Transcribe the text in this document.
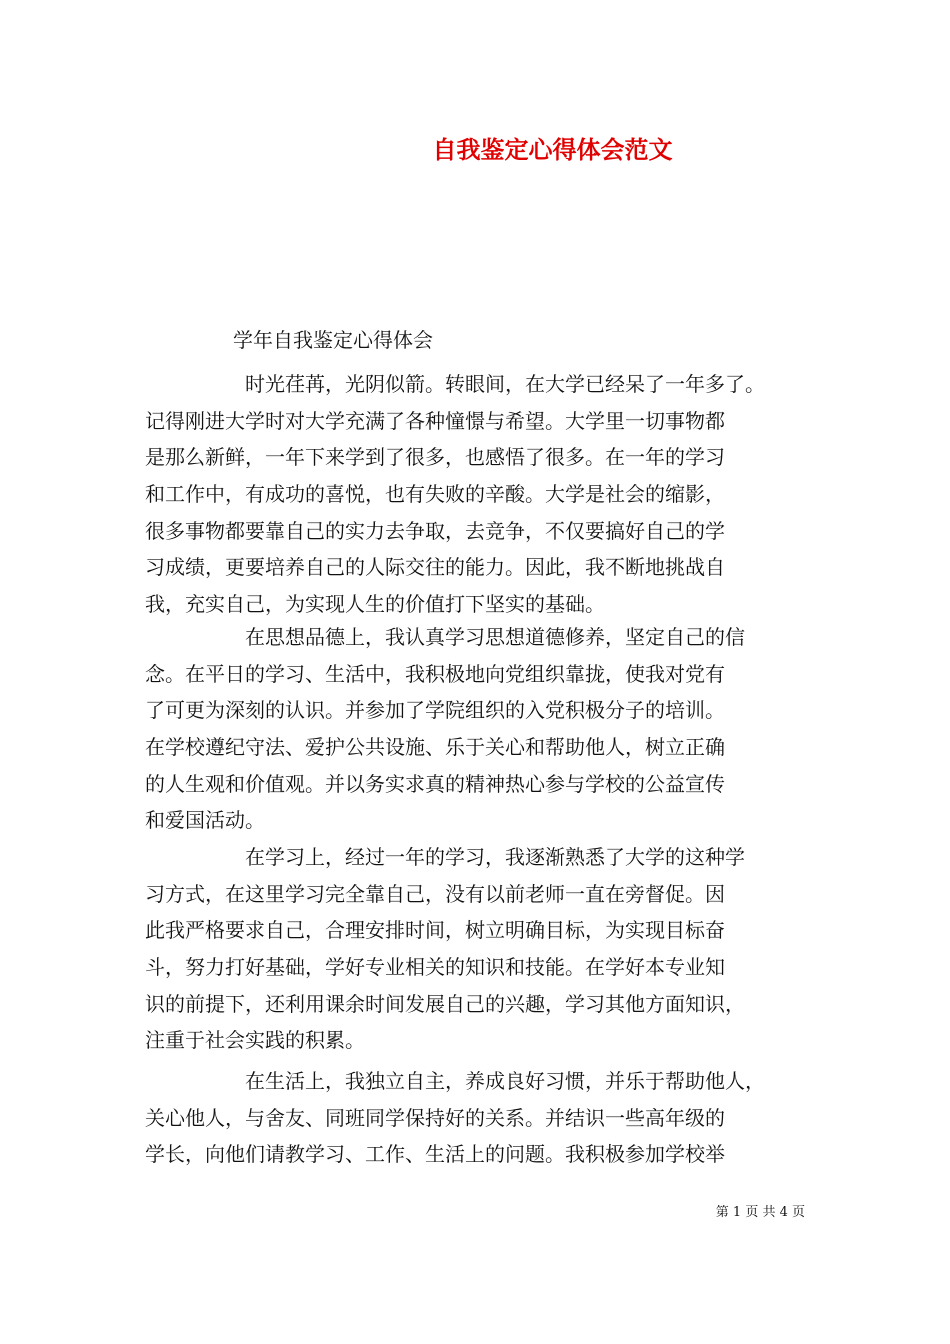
自我鉴定心得体会范文
学年自我鉴定心得体会
时光荏苒，光阴似箭。转眼间，在大学已经呆了一年多了。
记得刚进大学时对大学充满了各种憧憬与希望。大学里一切事物都
是那么新鲜，一年下来学到了很多，也感悟了很多。在一年的学习
和工作中，有成功的喜悦，也有失败的辛酸。大学是社会的缩影，
很多事物都要靠自己的实力去争取，去竞争，不仅要搞好自己的学
习成绩，更要培养自己的人际交往的能力。因此，我不断地挑战自
我，充实自己，为实现人生的价值打下坚实的基础。
在思想品德上，我认真学习思想道德修养，坚定自己的信
念。在平日的学习、生活中，我积极地向党组织靠拢，使我对党有
了可更为深刻的认识。并参加了学院组织的入党积极分子的培训。
在学校遵纪守法、爱护公共设施、乐于关心和帮助他人，树立正确
的人生观和价值观。并以务实求真的精神热心参与学校的公益宣传
和爱国活动。
在学习上，经过一年的学习，我逐渐熟悉了大学的这种学
习方式，在这里学习完全靠自己，没有以前老师一直在旁督促。因
此我严格要求自己，合理安排时间，树立明确目标，为实现目标奋
斗，努力打好基础，学好专业相关的知识和技能。在学好本专业知
识的前提下，还利用课余时间发展自己的兴趣，学习其他方面知识，
注重于社会实践的积累。
在生活上，我独立自主，养成良好习惯，并乐于帮助他人，
关心他人，与舍友、同班同学保持好的关系。并结识一些高年级的
学长，向他们请教学习、工作、生活上的问题。我积极参加学校举
第 1 页 共 4 页
